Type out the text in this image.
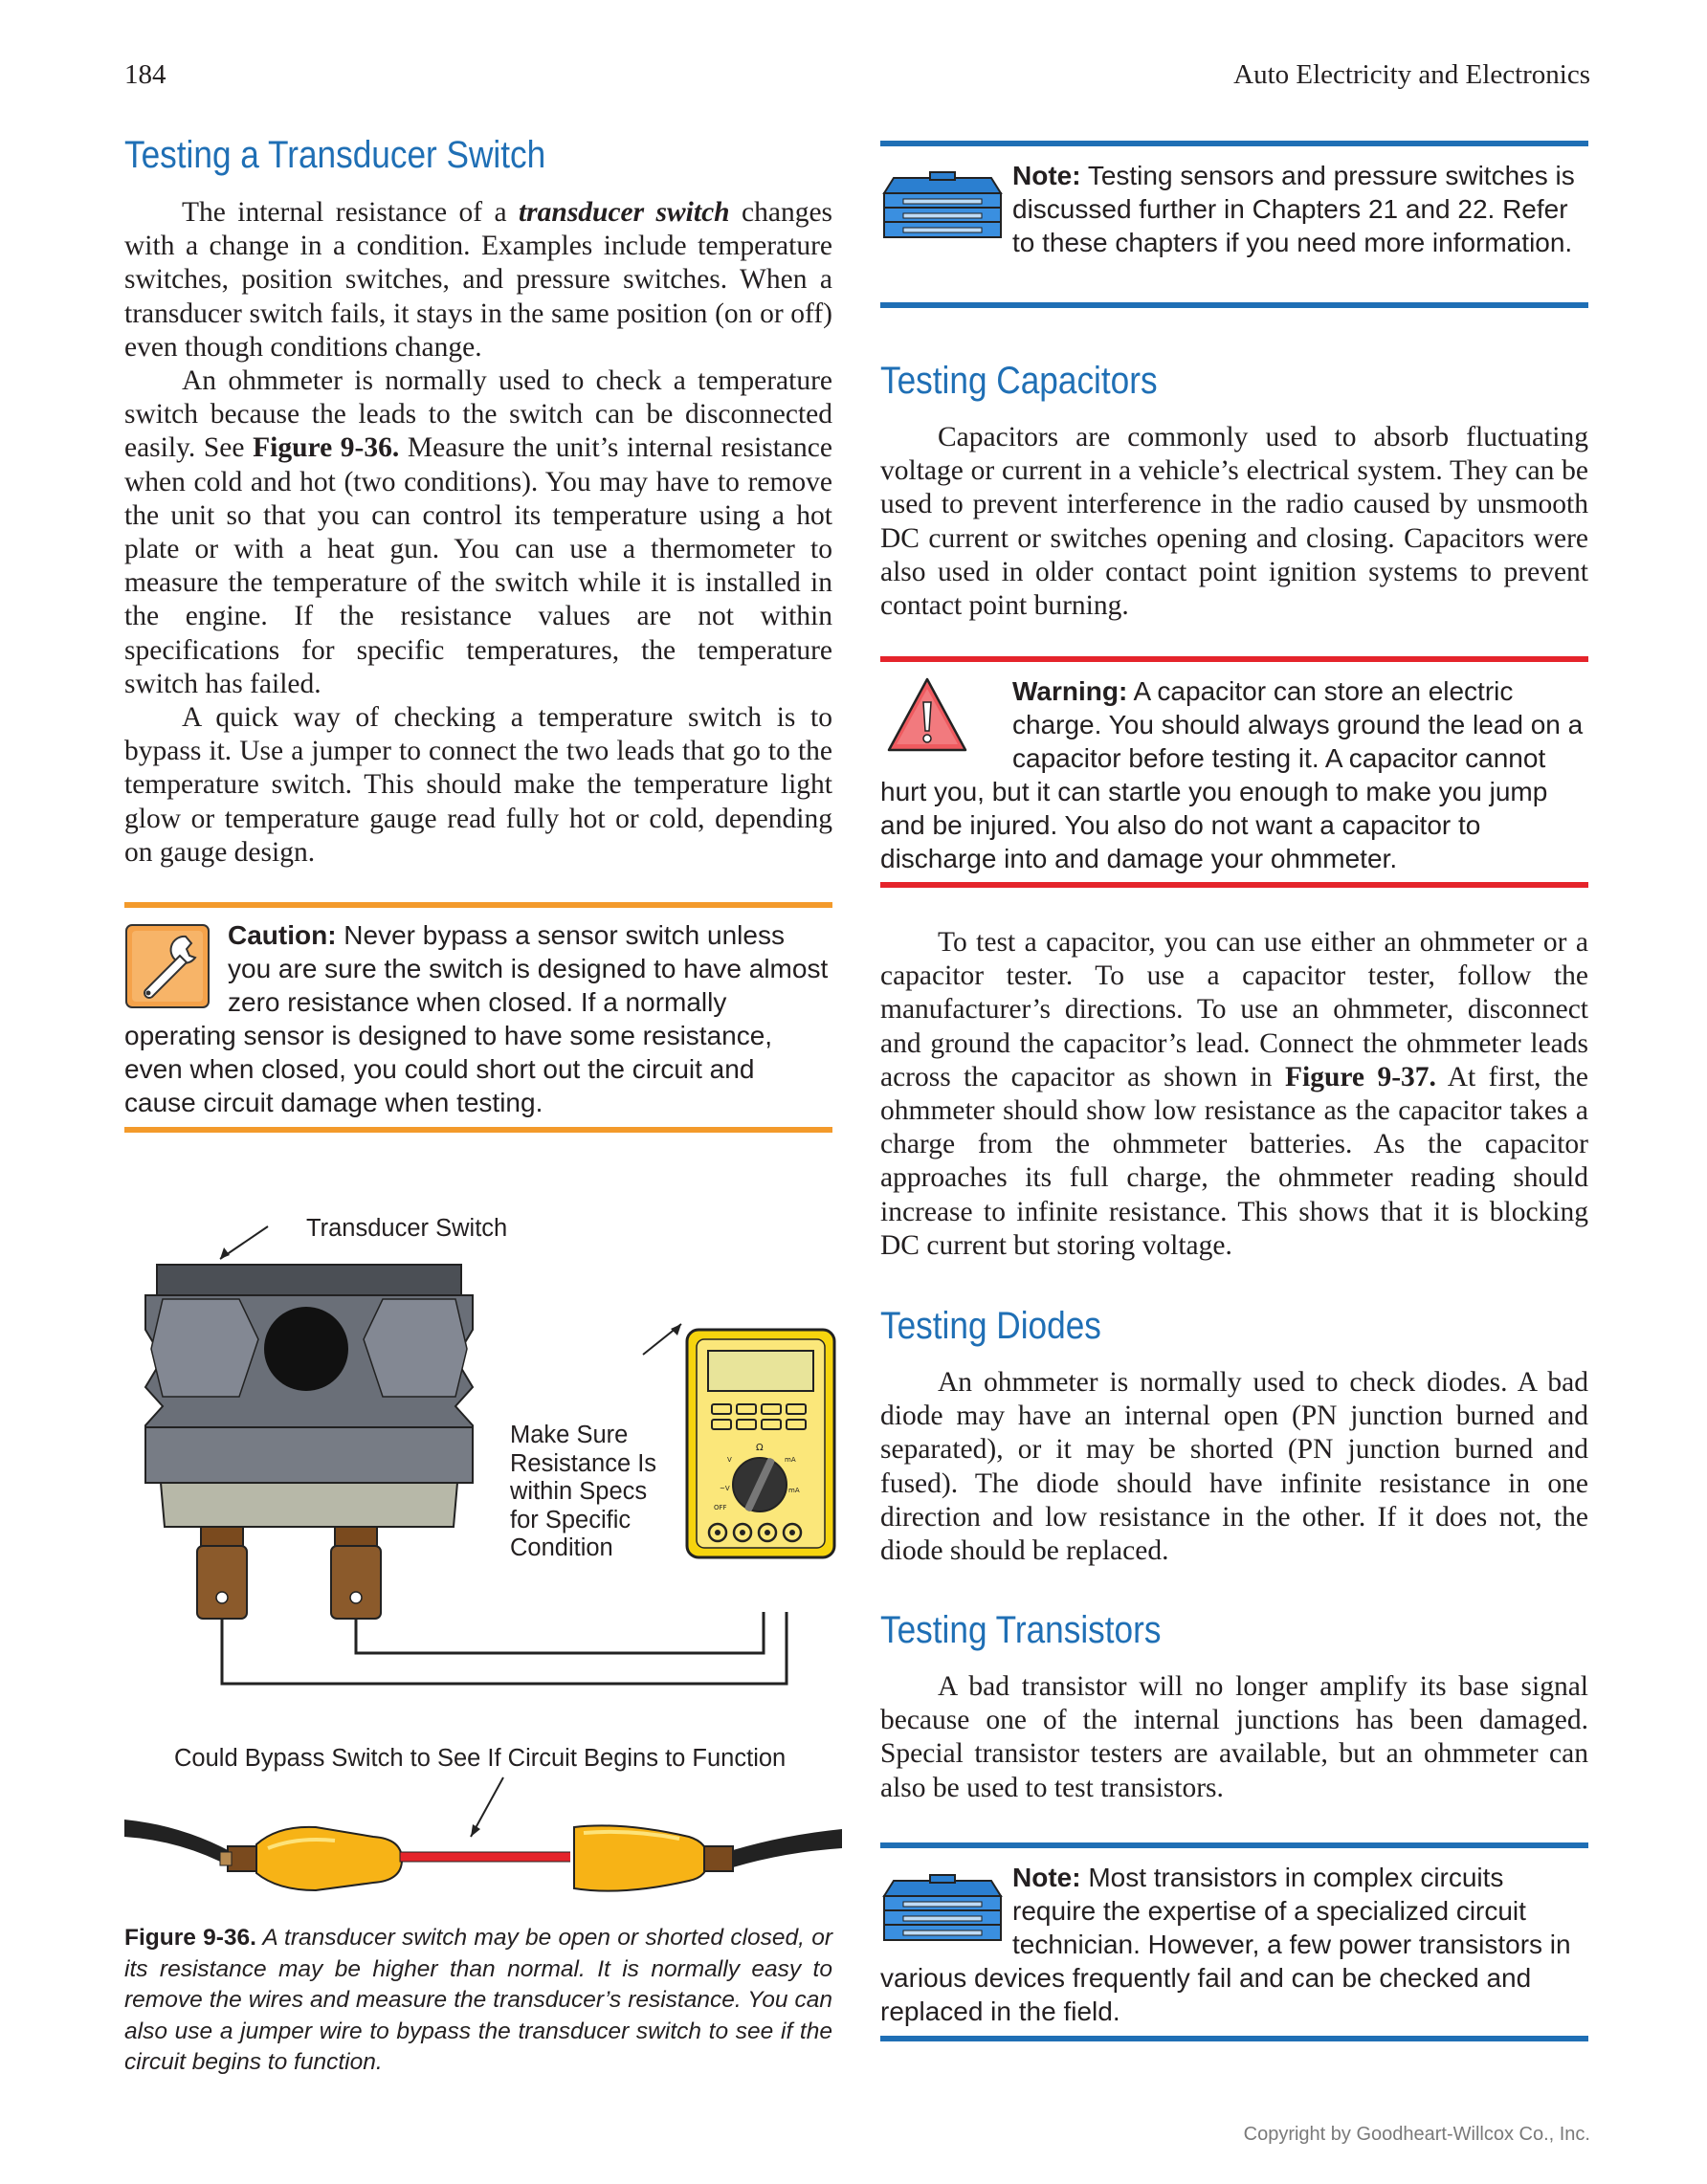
184	Auto Electricity and Electronics
Testing a Transducer Switch

The internal resistance of a transducer switch changes with a change in a condition. Examples include temperature switches, position switches, and pressure switches. When a transducer switch fails, it stays in the same position (on or off) even though conditions change.

An ohmmeter is normally used to check a temperature switch because the leads to the switch can be disconnected easily. See Figure 9-36. Measure the unit’s internal resistance when cold and hot (two conditions). You may have to remove the unit so that you can control its temperature using a hot plate or with a heat gun. You can use a thermometer to measure the temperature of the switch while it is installed in the engine. If the resistance values are not within specifications for specific temperatures, the temperature switch has failed.

A quick way of checking a temperature switch is to bypass it. Use a jumper to connect the two leads that go to the temperature switch. This should make the temperature light glow or temperature gauge read fully hot or cold, depending on gauge design.

Caution: Never bypass a sensor switch unless you are sure the switch is designed to have almost zero resistance when closed. If a normally operating sensor is designed to have some resistance, even when closed, you could short out the circuit and cause circuit damage when testing.
Ω
V	mA
~V	mA
OFF
Transducer Switch
Make Sure
Resistance Is
within Specs
for Specific
Condition
Could Bypass Switch to See If Circuit Begins to Function
Figure 9-36. A transducer switch may be open or shorted closed, or its resistance may be higher than normal. It is normally easy to remove the wires and measure the transducer’s resistance. You can also use a jumper wire to bypass the transducer switch to see if the circuit begins to function.
Note: Testing sensors and pressure switches is discussed further in Chapters 21 and 22. Refer to these chapters if you need more information.
Testing Capacitors

Capacitors are commonly used to absorb fluctuating voltage or current in a vehicle’s electrical system. They can be used to prevent interference in the radio caused by unsmooth DC current or switches opening and closing. Capacitors were also used in older contact point ignition systems to prevent contact point burning.

Warning: A capacitor can store an electric charge. You should always ground the lead on a capacitor before testing it. A capacitor cannot hurt you, but it can startle you enough to make you jump and be injured. You also do not want a capacitor to discharge into and damage your ohmmeter.

To test a capacitor, you can use either an ohmmeter or a capacitor tester. To use a capacitor tester, follow the manufacturer’s directions. To use an ohmmeter, disconnect and ground the capacitor’s lead. Connect the ohmmeter leads across the capacitor as shown in Figure 9-37. At first, the ohmmeter should show low resistance as the capacitor takes a charge from the ohmmeter batteries. As the capacitor approaches its full charge, the ohmmeter reading should increase to infinite resistance. This shows that it is blocking DC current but storing voltage.

Testing Diodes

An ohmmeter is normally used to check diodes. A bad diode may have an internal open (PN junction burned and separated), or it may be shorted (PN junction burned and fused). The diode should have infinite resistance in one direction and low resistance in the other. If it does not, the diode should be replaced.

Testing Transistors

A bad transistor will no longer amplify its base signal because one of the internal junctions has been damaged. Special transistor testers are available, but an ohmmeter can also be used to test transistors.

Note: Most transistors in complex circuits require the expertise of a specialized circuit technician. However, a few power transistors in various devices frequently fail and can be checked and replaced in the field.
Copyright by Goodheart-Willcox Co., Inc.
